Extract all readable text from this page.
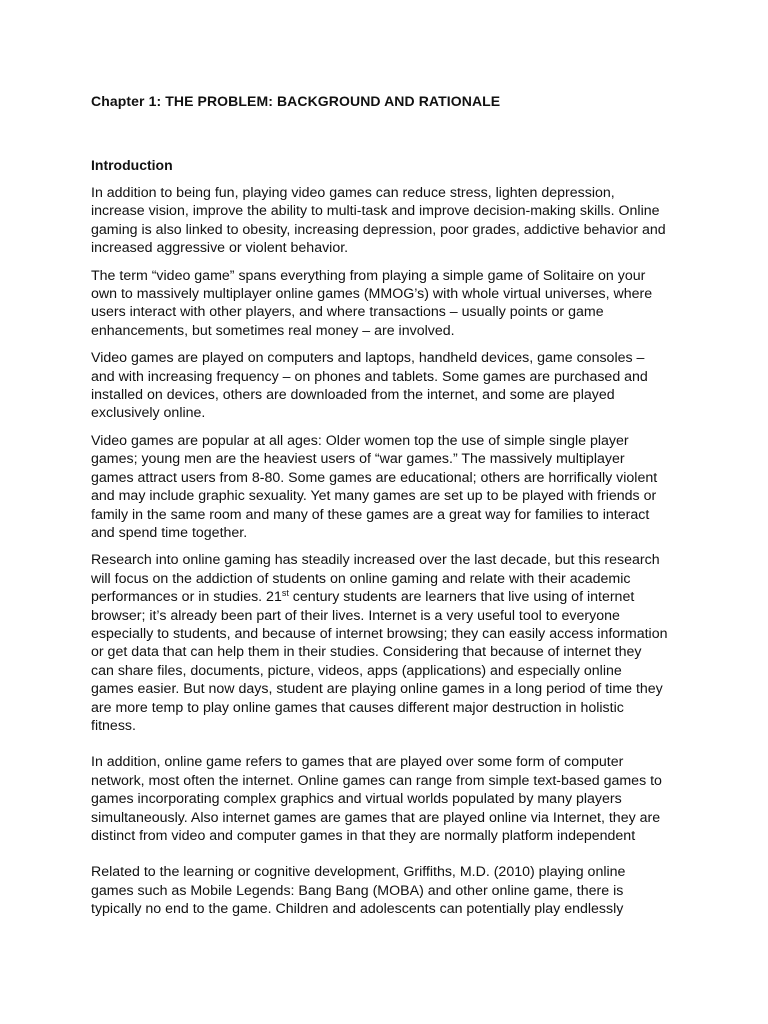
Chapter 1: THE PROBLEM: BACKGROUND AND RATIONALE
Introduction

In addition to being fun, playing video games can reduce stress, lighten depression, increase vision, improve the ability to multi-task and improve decision-making skills. Online gaming is also linked to obesity, increasing depression, poor grades, addictive behavior and increased aggressive or violent behavior.

The term “video game” spans everything from playing a simple game of Solitaire on your own to massively multiplayer online games (MMOG’s) with whole virtual universes, where users interact with other players, and where transactions – usually points or game enhancements, but sometimes real money – are involved.

Video games are played on computers and laptops, handheld devices, game consoles – and with increasing frequency – on phones and tablets. Some games are purchased and installed on devices, others are downloaded from the internet, and some are played exclusively online.

Video games are popular at all ages: Older women top the use of simple single player games; young men are the heaviest users of “war games.” The massively multiplayer games attract users from 8-80. Some games are educational; others are horrifically violent and may include graphic sexuality. Yet many games are set up to be played with friends or family in the same room and many of these games are a great way for families to interact and spend time together.

Research into online gaming has steadily increased over the last decade, but this research will focus on the addiction of students on online gaming and relate with their academic performances or in studies. 21st century students are learners that live using of internet browser; it’s already been part of their lives. Internet is a very useful tool to everyone especially to students, and because of internet browsing; they can easily access information or get data that can help them in their studies. Considering that because of internet they can share files, documents, picture, videos, apps (applications) and especially online games easier. But now days, student are playing online games in a long period of time they are more temp to play online games that causes different major destruction in holistic fitness.

In addition, online game refers to games that are played over some form of computer network, most often the internet. Online games can range from simple text-based games to games incorporating complex graphics and virtual worlds populated by many players simultaneously. Also internet games are games that are played online via Internet, they are distinct from video and computer games in that they are normally platform independent

Related to the learning or cognitive development, Griffiths, M.D. (2010) playing online games such as Mobile Legends: Bang Bang (MOBA) and other online game, there is typically no end to the game. Children and adolescents can potentially play endlessly
